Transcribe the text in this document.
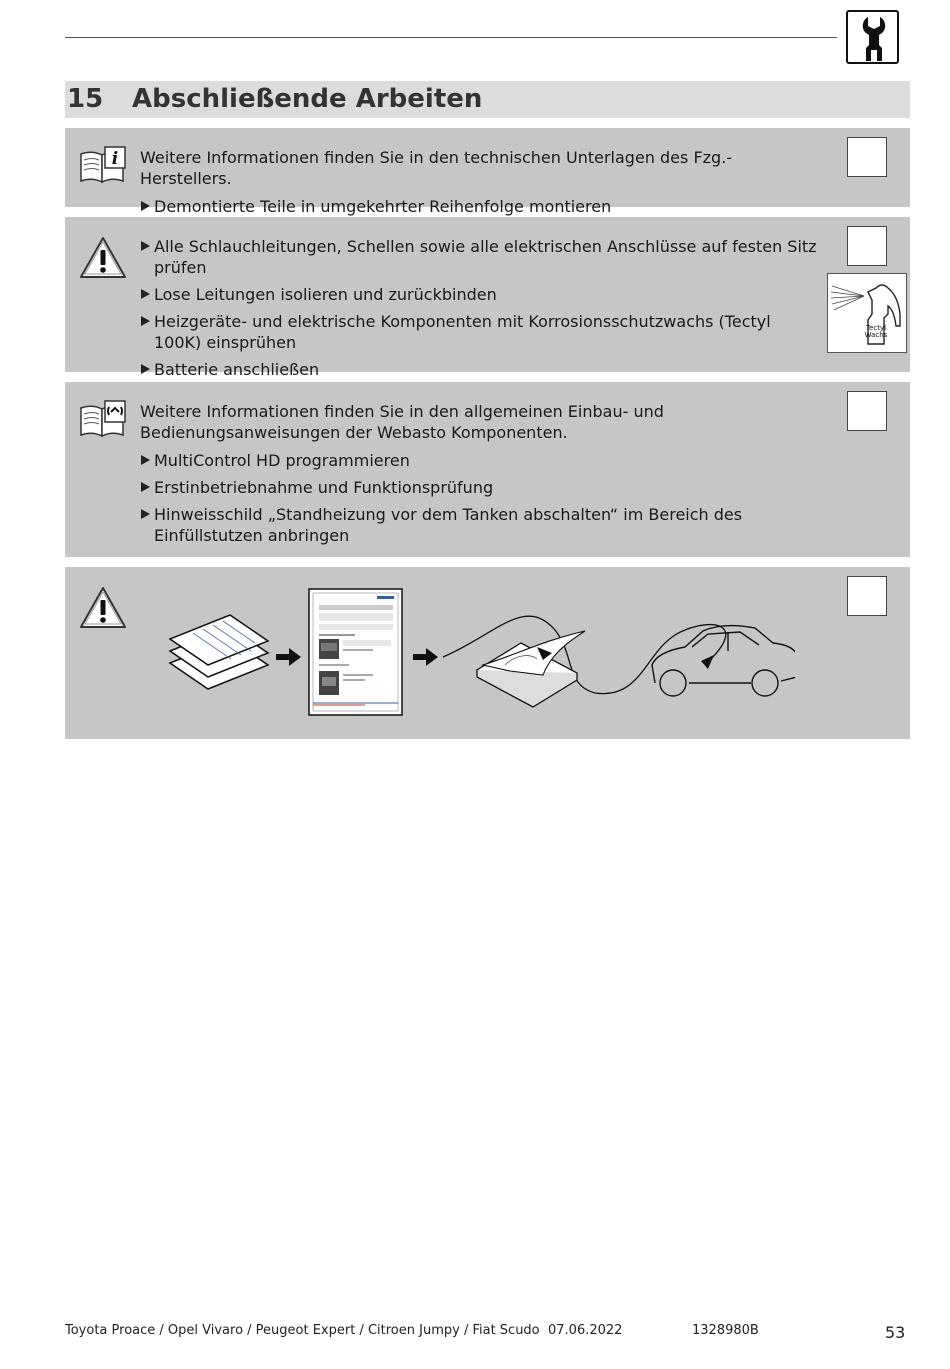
15 Abschließende Arbeiten
i Weitere Informationen finden Sie in den technischen Unterlagen des Fzg.-Herstellers.

Demontierte Teile in umgekehrter Reihenfolge montieren
Alle Schlauchleitungen, Schellen sowie alle elektrischen Anschlüsse auf festen Sitz prüfen
Lose Leitungen isolieren und zurückbinden
Heizgeräte- und elektrische Komponenten mit Korrosionsschutzwachs (Tectyl 100K) einsprühen
Batterie anschließen
Tectyl
Wachs

Weitere Informationen finden Sie in den allgemeinen Einbau- und Bedienungsanweisungen der Webasto Komponenten.

MultiControl HD programmieren
Erstinbetriebnahme und Funktionsprüfung
Hinweisschild „Standheizung vor dem Tanken abschalten“ im Bereich des Einfüllstutzen anbringen
Toyota Proace / Opel Vivaro / Peugeot Expert / Citroen Jumpy / Fiat Scudo 07.06.2022	1328980B	53
